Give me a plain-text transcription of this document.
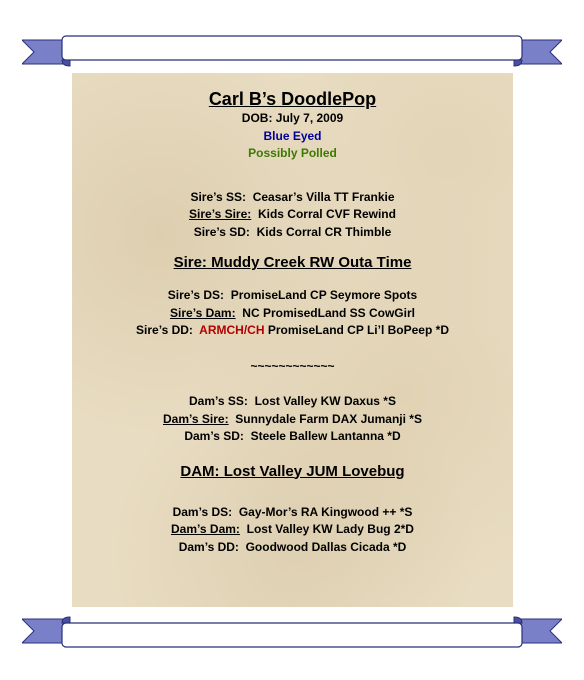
Carl B’s DoodlePop
DOB: July 7, 2009
Blue Eyed
Possibly Polled
Sire’s SS: Ceasar’s Villa TT Frankie
Sire’s Sire: Kids Corral CVF Rewind
Sire’s SD: Kids Corral CR Thimble
Sire: Muddy Creek RW Outa Time
Sire’s DS: PromiseLand CP Seymore Spots
Sire’s Dam: NC PromisedLand SS CowGirl
Sire’s DD: ARMCH/CH PromiseLand CP Li’l BoPeep *D
~~~~~~~~~~~~
Dam’s SS: Lost Valley KW Daxus *S
Dam’s Sire: Sunnydale Farm DAX Jumanji *S
Dam’s SD: Steele Ballew Lantanna *D
DAM: Lost Valley JUM Lovebug
Dam’s DS: Gay-Mor’s RA Kingwood ++ *S
Dam’s Dam: Lost Valley KW Lady Bug 2*D
Dam’s DD: Goodwood Dallas Cicada *D
